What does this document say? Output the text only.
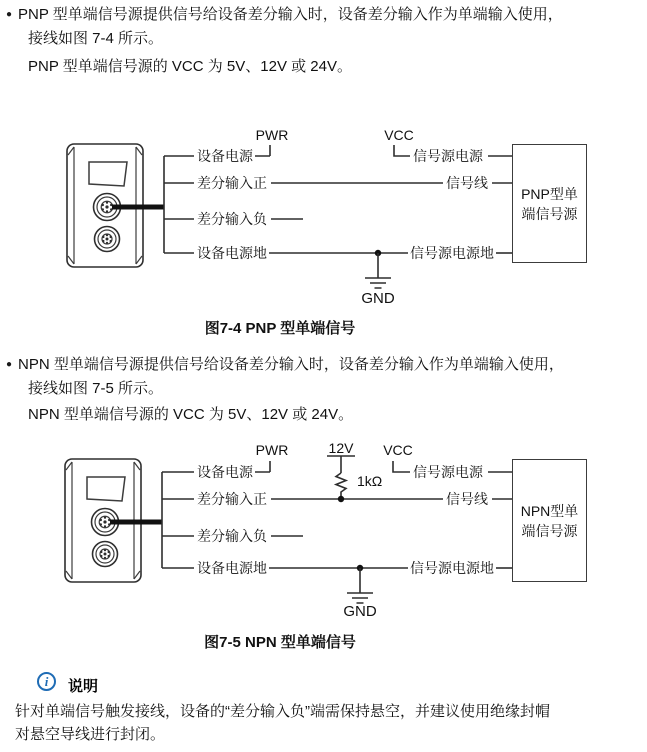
● PNP 型单端信号源提供信号给设备差分输入时，设备差分输入作为单端输入使用，
接线如图 7-4 所示。
PNP 型单端信号源的 VCC 为 5V、12V 或 24V。
PWR	VCC
设备电源
差分输入正
差分输入负
设备电源地
信号源电源
信号线
信号源电源地
GND
PNP型单
端信号源
图7-4 PNP 型单端信号
● NPN 型单端信号源提供信号给设备差分输入时，设备差分输入作为单端输入使用，
接线如图 7-5 所示。
NPN 型单端信号源的 VCC 为 5V、12V 或 24V。
PWR	12V	VCC
1kΩ
设备电源
差分输入正
差分输入负
设备电源地
信号源电源
信号线
信号源电源地
GND
NPN型单
端信号源
图7-5 NPN 型单端信号
i	说明
针对单端信号触发接线，设备的“差分输入负”端需保持悬空，并建议使用绝缘封帽
对悬空导线进行封闭。
